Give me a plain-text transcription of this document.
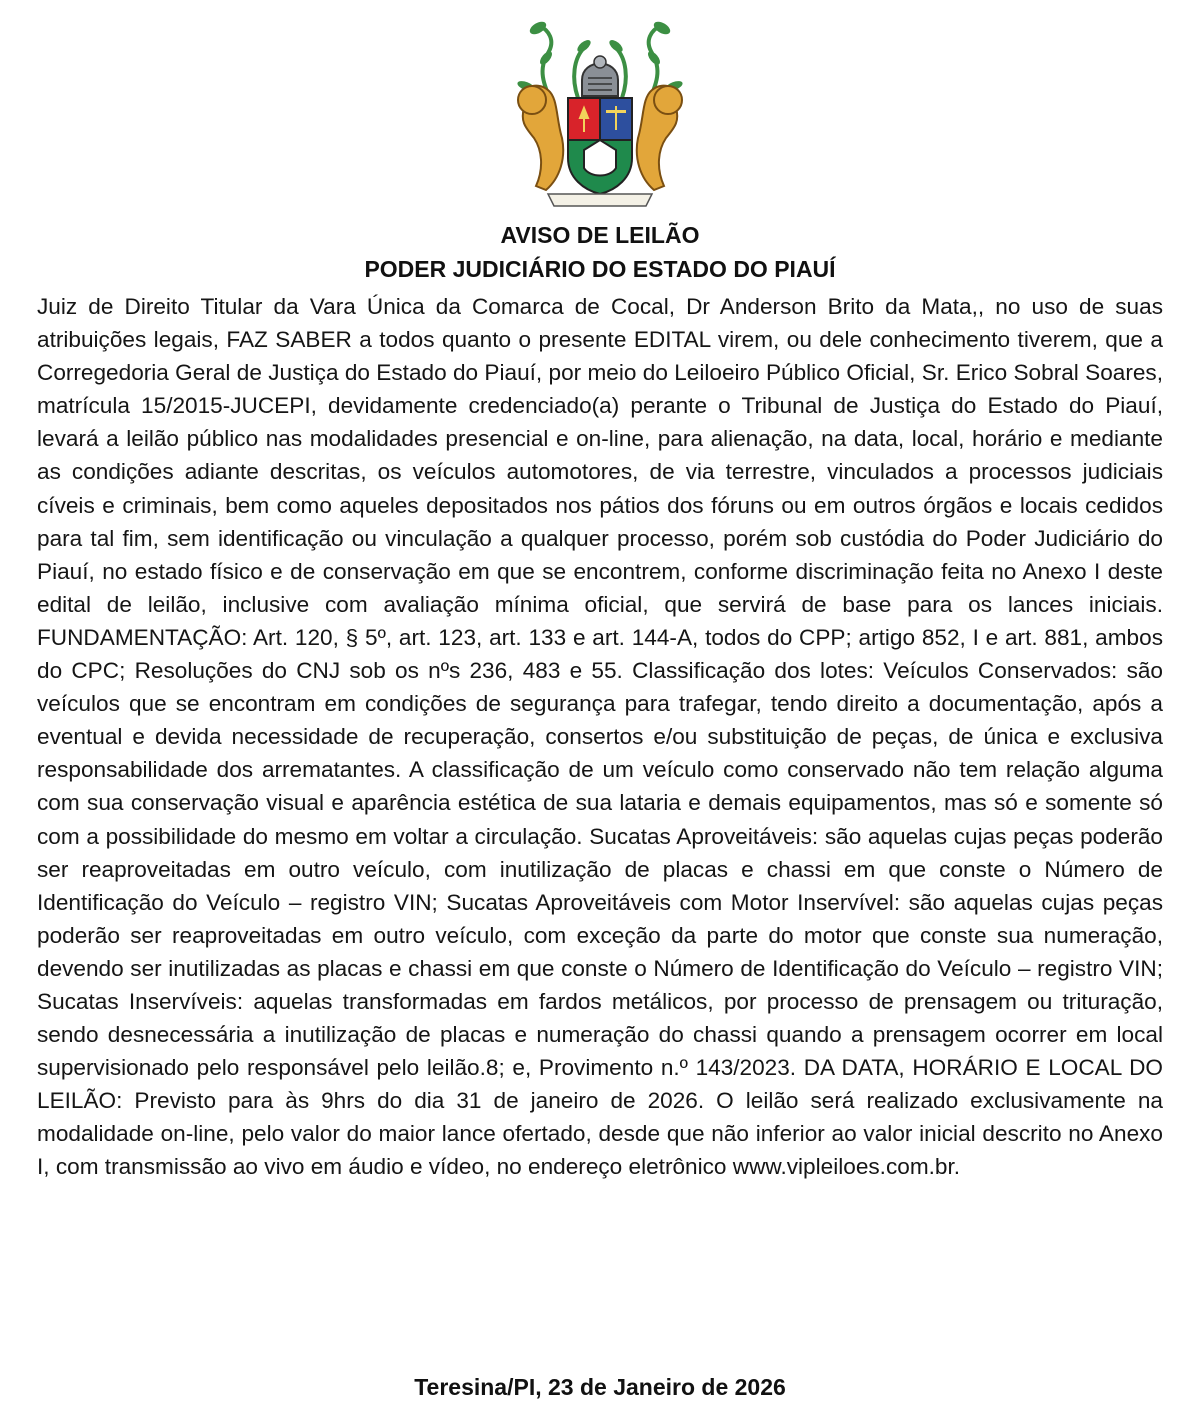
AVISO DE LEILÃO
PODER JUDICIÁRIO DO ESTADO DO PIAUÍ

Juiz de Direito Titular da Vara Única da Comarca de Cocal, Dr Anderson Brito da Mata,, no uso de suas atribuições legais, FAZ SABER a todos quanto o presente EDITAL virem, ou dele conhecimento tiverem, que a Corregedoria Geral de Justiça do Estado do Piauí, por meio do Leiloeiro Público Oficial, Sr. Erico Sobral Soares, matrícula 15/2015-JUCEPI, devidamente credenciado(a) perante o Tribunal de Justiça do Estado do Piauí, levará a leilão público nas modalidades presencial e on-line, para alienação, na data, local, horário e mediante as condições adiante descritas, os veículos automotores, de via terrestre, vinculados a processos judiciais cíveis e criminais, bem como aqueles depositados nos pátios dos fóruns ou em outros órgãos e locais cedidos para tal fim, sem identificação ou vinculação a qualquer processo, porém sob custódia do Poder Judiciário do Piauí, no estado físico e de conservação em que se encontrem, conforme discriminação feita no Anexo I deste edital de leilão, inclusive com avaliação mínima oficial, que servirá de base para os lances iniciais. FUNDAMENTAÇÃO: Art. 120, § 5º, art. 123, art. 133 e art. 144-A, todos do CPP; artigo 852, I e art. 881, ambos do CPC; Resoluções do CNJ sob os nºs 236, 483 e 55. Classificação dos lotes: Veículos Conservados: são veículos que se encontram em condições de segurança para trafegar, tendo direito a documentação, após a eventual e devida necessidade de recuperação, consertos e/ou substituição de peças, de única e exclusiva responsabilidade dos arrematantes. A classificação de um veículo como conservado não tem relação alguma com sua conservação visual e aparência estética de sua lataria e demais equipamentos, mas só e somente só com a possibilidade do mesmo em voltar a circulação. Sucatas Aproveitáveis: são aquelas cujas peças poderão ser reaproveitadas em outro veículo, com inutilização de placas e chassi em que conste o Número de Identificação do Veículo – registro VIN; Sucatas Aproveitáveis com Motor Inservível: são aquelas cujas peças poderão ser reaproveitadas em outro veículo, com exceção da parte do motor que conste sua numeração, devendo ser inutilizadas as placas e chassi em que conste o Número de Identificação do Veículo – registro VIN; Sucatas Inservíveis: aquelas transformadas em fardos metálicos, por processo de prensagem ou trituração, sendo desnecessária a inutilização de placas e numeração do chassi quando a prensagem ocorrer em local supervisionado pelo responsável pelo leilão.8; e, Provimento n.º 143/2023. DA DATA, HORÁRIO E LOCAL DO LEILÃO: Previsto para às 9hrs do dia 31 de janeiro de 2026. O leilão será realizado exclusivamente na modalidade on-line, pelo valor do maior lance ofertado, desde que não inferior ao valor inicial descrito no Anexo I, com transmissão ao vivo em áudio e vídeo, no endereço eletrônico www.vipleiloes.com.br.

Teresina/PI, 23 de Janeiro de 2026
